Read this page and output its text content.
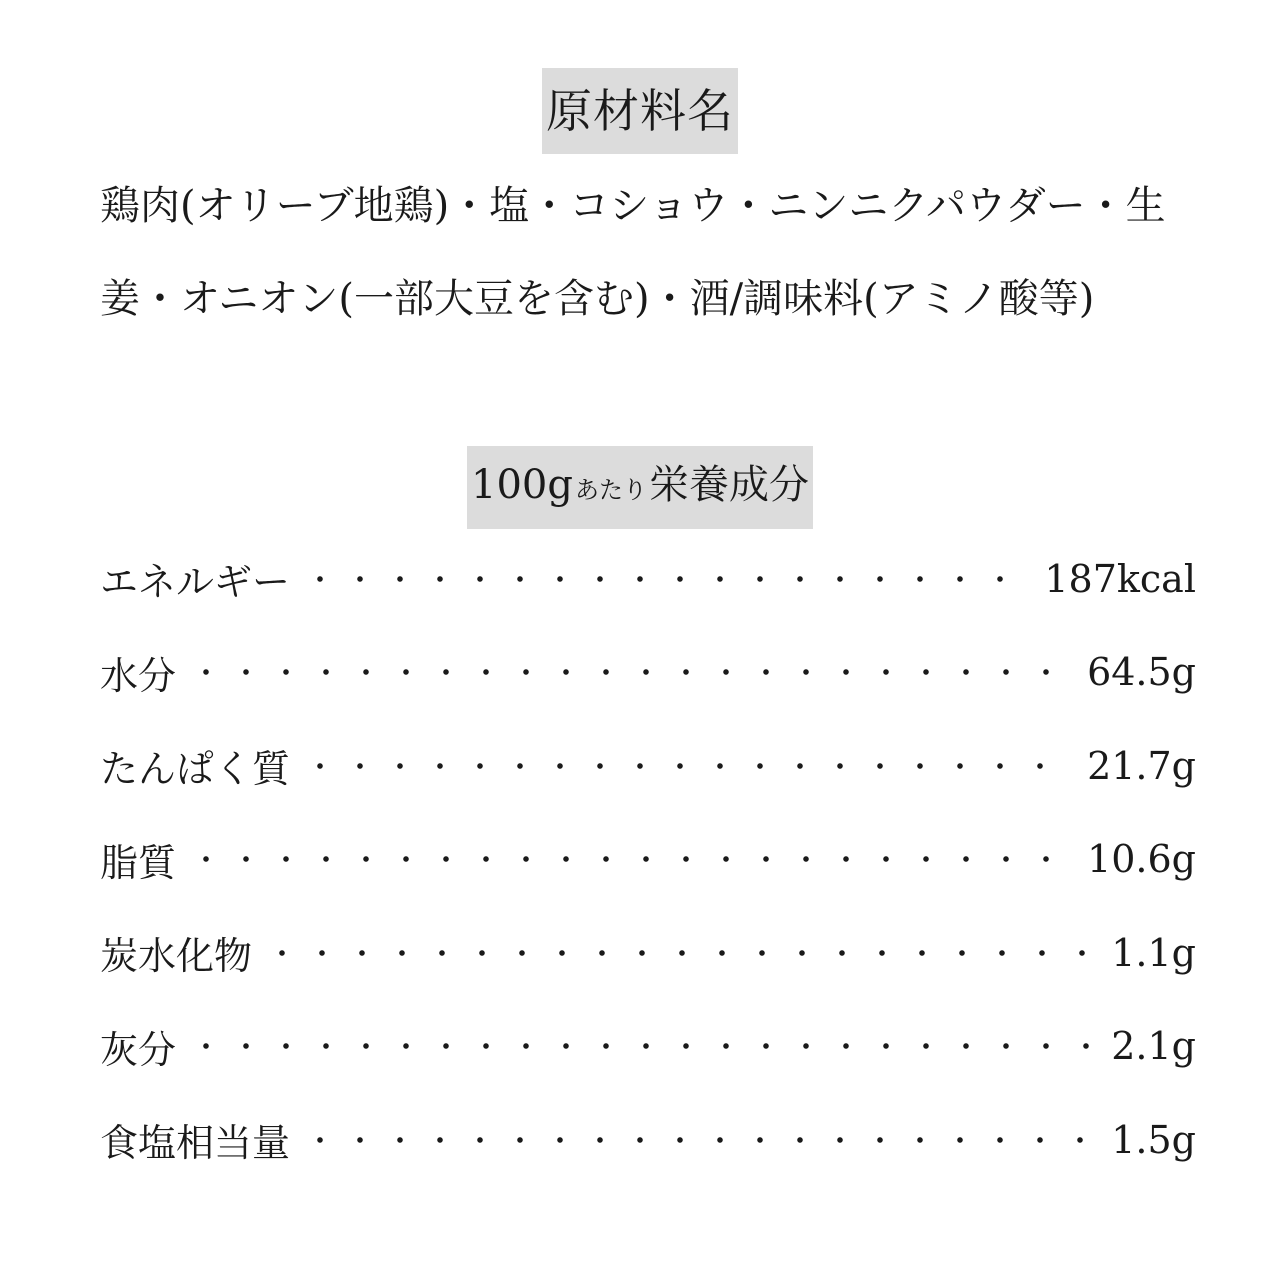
原材料名

鶏肉(オリーブ地鶏)・塩・コショウ・ニンニクパウダー・生姜・オニオン(一部大豆を含む)・酒/調味料(アミノ酸等)

100gあたり栄養成分
エネルギー	187kcal
水分	64.5g
たんぱく質	21.7g
脂質	10.6g
炭水化物	1.1g
灰分	2.1g
食塩相当量	1.5g
